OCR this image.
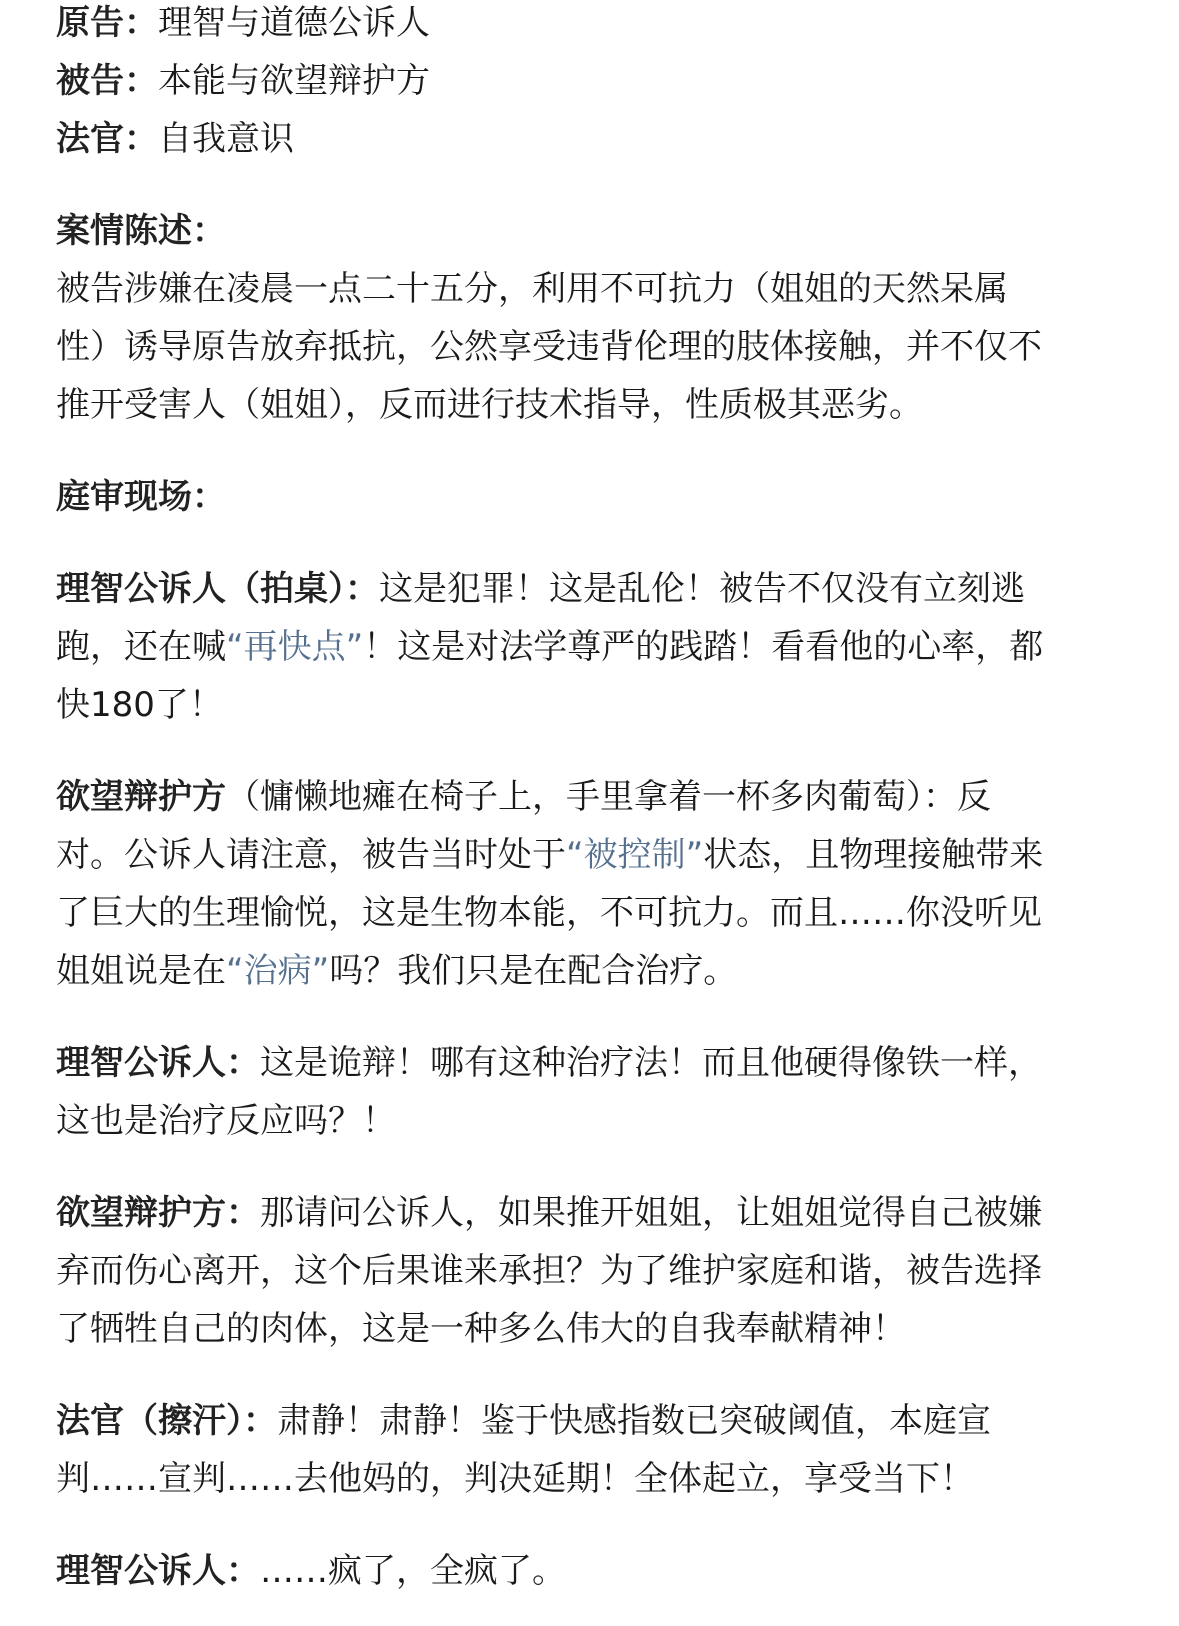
原告：理智与道德公诉人

被告：本能与欲望辩护方

法官：自我意识

案情陈述：

被告涉嫌在凌晨一点二十五分，利用不可抗力（姐姐的天然呆属

性）诱导原告放弃抵抗，公然享受违背伦理的肢体接触，并不仅不

推开受害人（姐姐），反而进行技术指导，性质极其恶劣。

庭审现场：

理智公诉人（拍桌）：这是犯罪！这是乱伦！被告不仅没有立刻逃

跑，还在喊“再快点”！这是对法学尊严的践踏！看看他的心率，都

快180了！

欲望辩护方（慵懒地瘫在椅子上，手里拿着一杯多肉葡萄）：反

对。公诉人请注意，被告当时处于“被控制”状态，且物理接触带来

了巨大的生理愉悦，这是生物本能，不可抗力。而且……你没听见

姐姐说是在“治病”吗？我们只是在配合治疗。

理智公诉人：这是诡辩！哪有这种治疗法！而且他硬得像铁一样，

这也是治疗反应吗？！

欲望辩护方：那请问公诉人，如果推开姐姐，让姐姐觉得自己被嫌

弃而伤心离开，这个后果谁来承担？为了维护家庭和谐，被告选择

了牺牲自己的肉体，这是一种多么伟大的自我奉献精神！

法官（擦汗）：肃静！肃静！鉴于快感指数已突破阈值，本庭宣

判……宣判……去他妈的，判决延期！全体起立，享受当下！

理智公诉人：……疯了，全疯了。
